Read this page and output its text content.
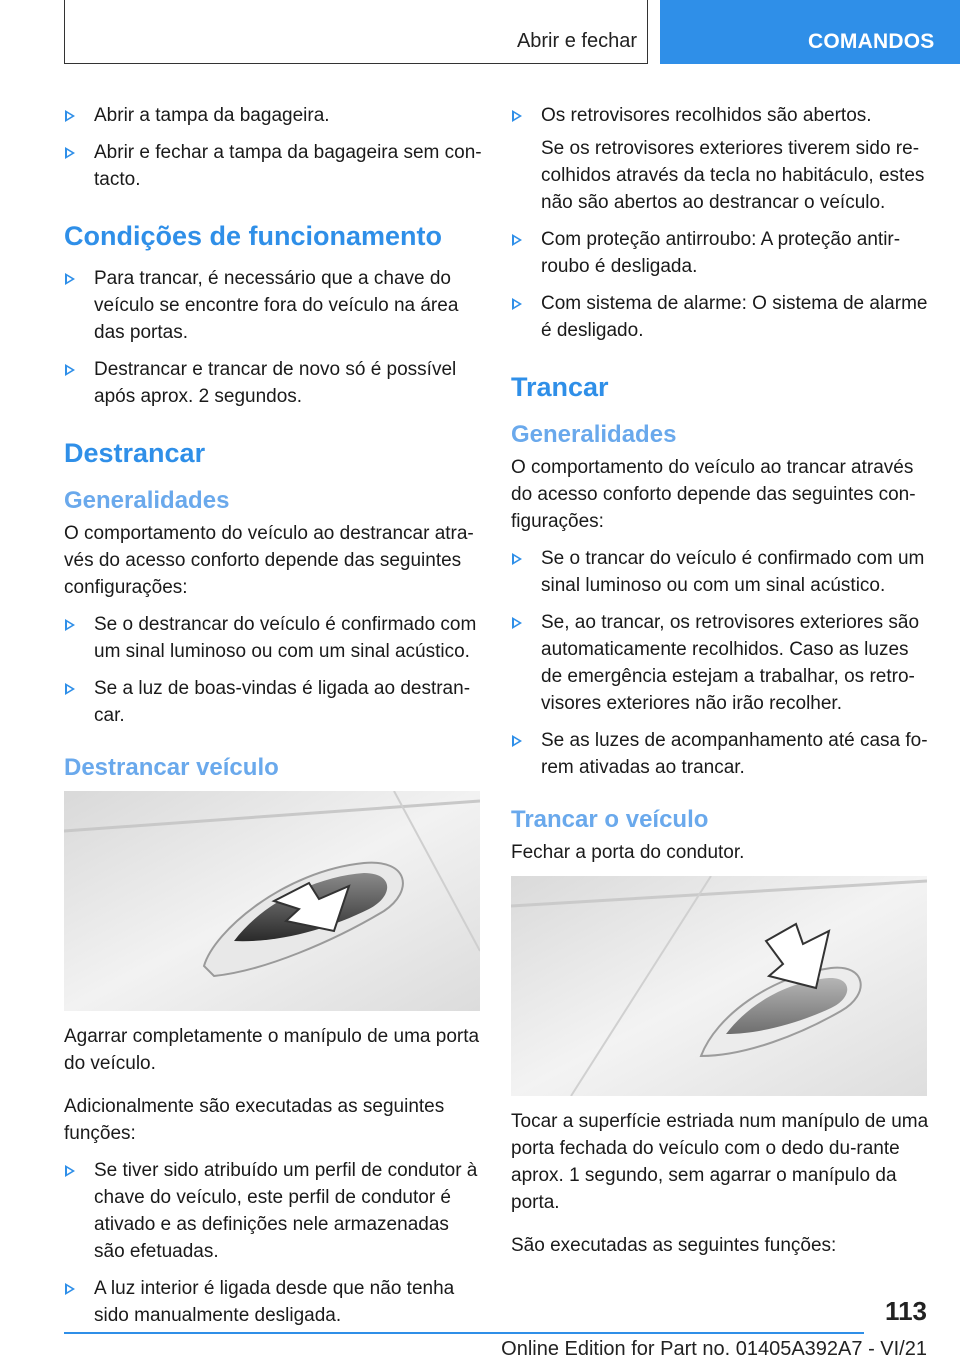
Abrir e fechar	COMANDOS
Abrir a tampa da bagageira.
Abrir e fechar a tampa da bagageira sem con-tacto.
Condições de funcionamento
Para trancar, é necessário que a chave do veículo se encontre fora do veículo na área das portas.
Destrancar e trancar de novo só é possível após aprox. 2 segundos.
Destrancar
Generalidades
O comportamento do veículo ao destrancar atra-vés do acesso conforto depende das seguintes configurações:
Se o destrancar do veículo é confirmado com um sinal luminoso ou com um sinal acústico.
Se a luz de boas-vindas é ligada ao destran-car.
Destrancar veículo
Agarrar completamente o manípulo de uma porta do veículo.
Adicionalmente são executadas as seguintes funções:
Se tiver sido atribuído um perfil de condutor à chave do veículo, este perfil de condutor é ativado e as definições nele armazenadas são efetuadas.
A luz interior é ligada desde que não tenha sido manualmente desligada.
Os retrovisores recolhidos são abertos.
Se os retrovisores exteriores tiverem sido re-colhidos através da tecla no habitáculo, estes não são abertos ao destrancar o veículo.
Com proteção antirroubo: A proteção antir-roubo é desligada.
Com sistema de alarme: O sistema de alarme é desligado.
Trancar
Generalidades
O comportamento do veículo ao trancar através do acesso conforto depende das seguintes con-figurações:
Se o trancar do veículo é confirmado com um sinal luminoso ou com um sinal acústico.
Se, ao trancar, os retrovisores exteriores são automaticamente recolhidos. Caso as luzes de emergência estejam a trabalhar, os retro-visores exteriores não irão recolher.
Se as luzes de acompanhamento até casa fo-rem ativadas ao trancar.
Trancar o veículo
Fechar a porta do condutor.
Tocar a superfície estriada num manípulo de uma porta fechada do veículo com o dedo du-rante aprox. 1 segundo, sem agarrar o manípulo da porta.
São executadas as seguintes funções:
113
Online Edition for Part no. 01405A392A7 - VI/21
